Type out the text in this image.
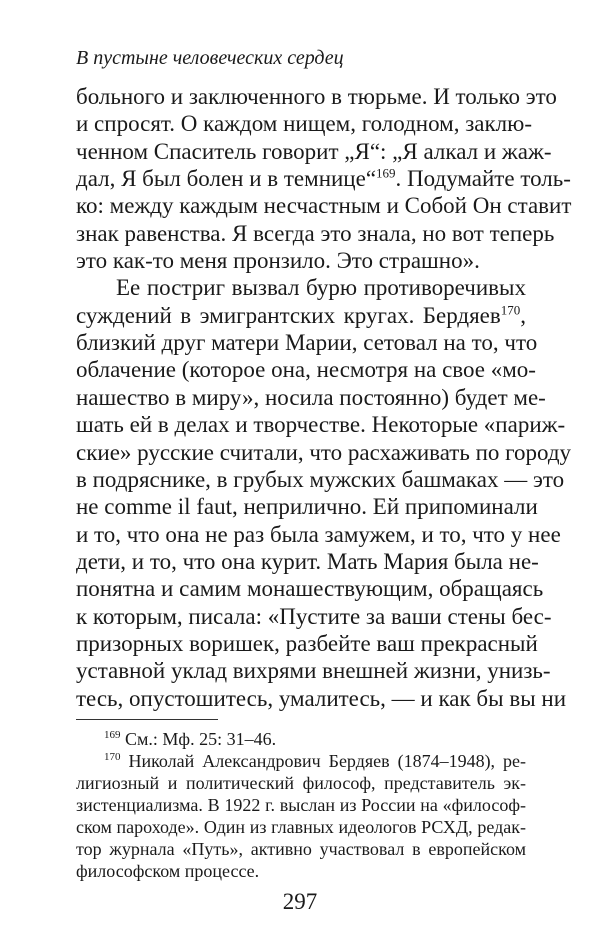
В пустыне человеческих сердец
больного и заключенного в тюрьме. И только это
и спросят. О каждом нищем, голодном, заклю-
ченном Спаситель говорит „Я“: „Я алкал и жаж-
дал, Я был болен и в темнице“$^{169}$. Подумайте толь-
ко: между каждым несчастным и Собой Он ставит
знак равенства. Я всегда это знала, но вот теперь
это как-то меня пронзило. Это страшно».
Ее постриг вызвал бурю противоречивых
суждений в эмигрантских кругах. Бердяев$^{170}$,
близкий друг матери Марии, сетовал на то, что
облачение (которое она, несмотря на свое «мо-
нашество в миру», носила постоянно) будет ме-
шать ей в делах и творчестве. Некоторые «париж-
ские» русские считали, что расхаживать по городу
в подряснике, в грубых мужских башмаках — это
не comme il faut, неприлично. Ей припоминали
и то, что она не раз была замужем, и то, что у нее
дети, и то, что она курит. Мать Мария была не-
понятна и самим монашествующим, обращаясь
к которым, писала: «Пустите за ваши стены бес-
призорных воришек, разбейте ваш прекрасный
уставной уклад вихрями внешней жизни, унизь-
тесь, опустошитесь, умалитесь, — и как бы вы ни
$^{169}$ См.: Мф. 25: 31–46.
$^{170}$ Николай Александрович Бердяев (1874–1948), ре-
лигиозный и политический философ, представитель эк-
зистенциализма. В 1922 г. выслан из России на «философ-
ском пароходе». Один из главных идеологов РСХД, редак-
тор журнала «Путь», активно участвовал в европейском
философском процессе.
297
